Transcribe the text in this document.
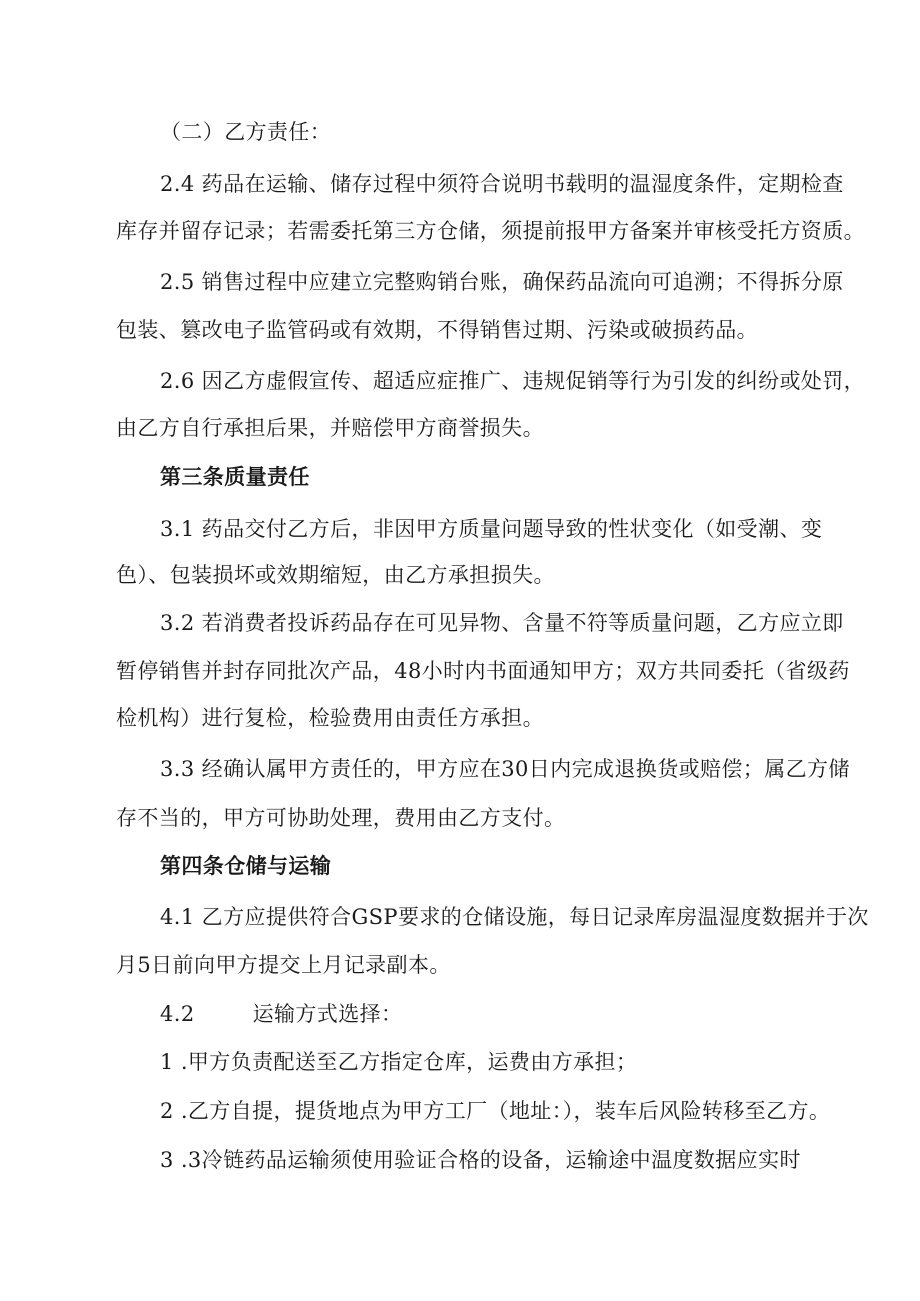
（二）乙方责任：
2.4 药品在运输、储存过程中须符合说明书载明的温湿度条件，定期检查
库存并留存记录；若需委托第三方仓储，须提前报甲方备案并审核受托方资质。
2.5 销售过程中应建立完整购销台账，确保药品流向可追溯；不得拆分原
包装、篡改电子监管码或有效期，不得销售过期、污染或破损药品。
2.6 因乙方虚假宣传、超适应症推广、违规促销等行为引发的纠纷或处罚，
由乙方自行承担后果，并赔偿甲方商誉损失。
第三条质量责任
3.1 药品交付乙方后，非因甲方质量问题导致的性状变化（如受潮、变
色）、包装损坏或效期缩短，由乙方承担损失。
3.2 若消费者投诉药品存在可见异物、含量不符等质量问题，乙方应立即
暂停销售并封存同批次产品，48小时内书面通知甲方；双方共同委托（省级药
检机构）进行复检，检验费用由责任方承担。
3.3 经确认属甲方责任的，甲方应在30日内完成退换货或赔偿；属乙方储
存不当的，甲方可协助处理，费用由乙方支付。
第四条仓储与运输
4.1 乙方应提供符合GSP要求的仓储设施，每日记录库房温湿度数据并于次
月5日前向甲方提交上月记录副本。
4.2	运输方式选择：
1 .甲方负责配送至乙方指定仓库，运费由方承担；
2 .乙方自提，提货地点为甲方工厂（地址：），装车后风险转移至乙方。
3 .3冷链药品运输须使用验证合格的设备，运输途中温度数据应实时
